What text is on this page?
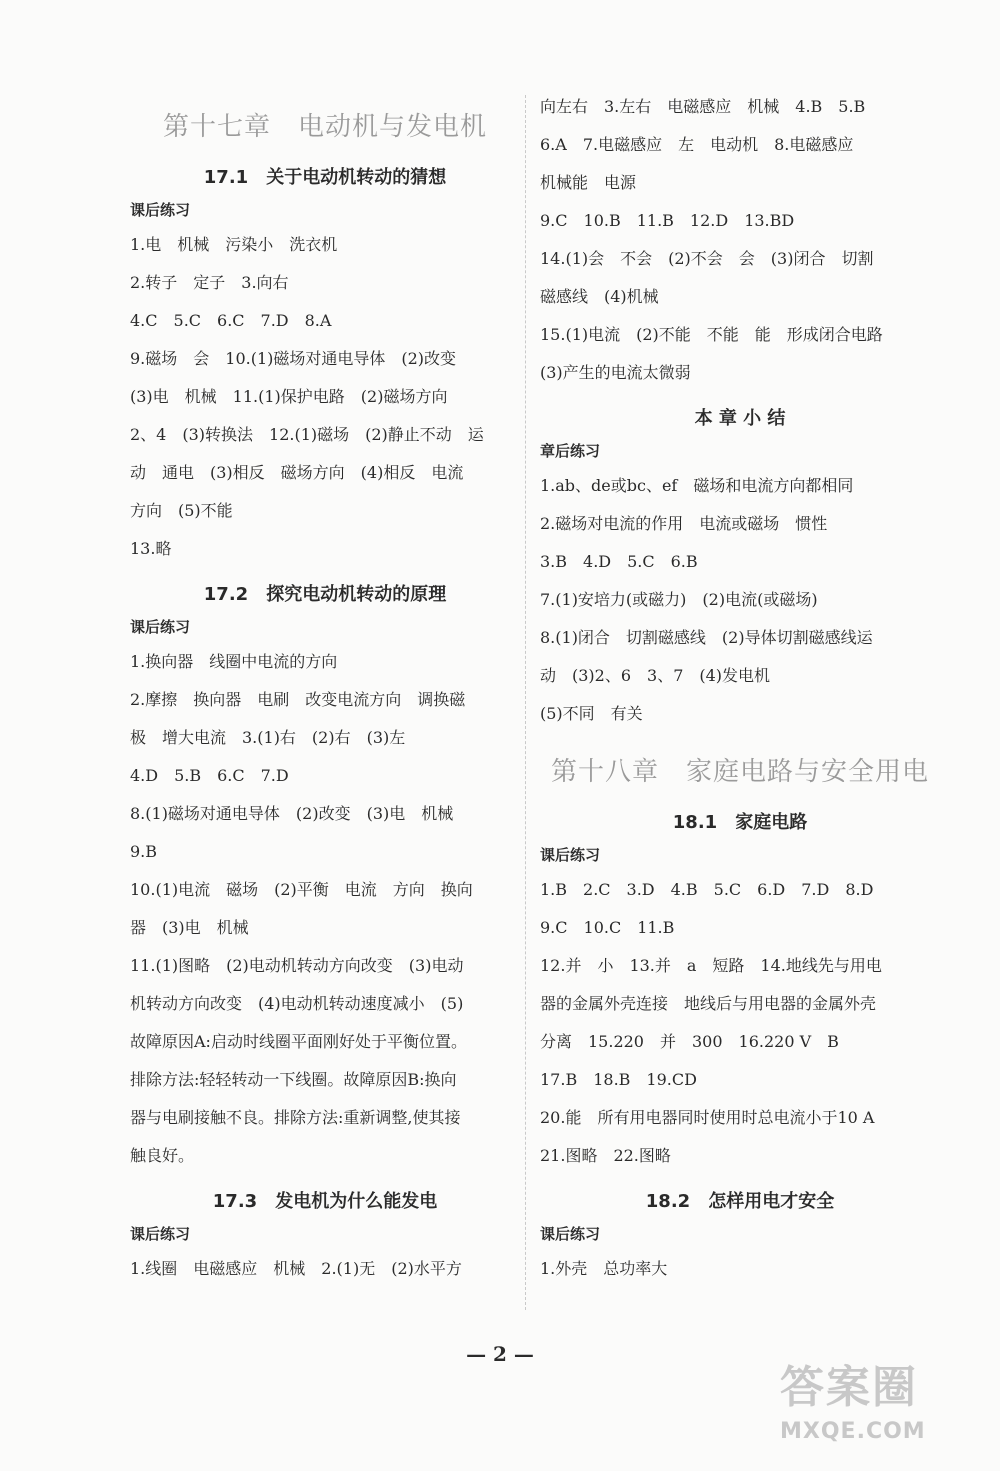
第十七章　电动机与发电机
17.1　关于电动机转动的猜想
课后练习
1.电　机械　污染小　洗衣机
2.转子　定子　3.向右
4.C　5.C　6.C　7.D　8.A
9.磁场　会　10.(1)磁场对通电导体　(2)改变
(3)电　机械　11.(1)保护电路　(2)磁场方向
2、4　(3)转换法　12.(1)磁场　(2)静止不动　运
动　通电　(3)相反　磁场方向　(4)相反　电流
方向　(5)不能
13.略
17.2　探究电动机转动的原理
课后练习
1.换向器　线圈中电流的方向
2.摩擦　换向器　电刷　改变电流方向　调换磁
极　增大电流　3.(1)右　(2)右　(3)左
4.D　5.B　6.C　7.D
8.(1)磁场对通电导体　(2)改变　(3)电　机械
9.B
10.(1)电流　磁场　(2)平衡　电流　方向　换向
器　(3)电　机械
11.(1)图略　(2)电动机转动方向改变　(3)电动
机转动方向改变　(4)电动机转动速度减小　(5)
故障原因A:启动时线圈平面刚好处于平衡位置。
排除方法:轻轻转动一下线圈。故障原因B:换向
器与电刷接触不良。排除方法:重新调整,使其接
触良好。
17.3　发电机为什么能发电
课后练习
1.线圈　电磁感应　机械　2.(1)无　(2)水平方
向左右　3.左右　电磁感应　机械　4.B　5.B
6.A　7.电磁感应　左　电动机　8.电磁感应
机械能　电源
9.C　10.B　11.B　12.D　13.BD
14.(1)会　不会　(2)不会　会　(3)闭合　切割
磁感线　(4)机械
15.(1)电流　(2)不能　不能　能　形成闭合电路
(3)产生的电流太微弱
本 章 小 结
章后练习
1.ab、de或bc、ef　磁场和电流方向都相同
2.磁场对电流的作用　电流或磁场　惯性
3.B　4.D　5.C　6.B
7.(1)安培力(或磁力)　(2)电流(或磁场)
8.(1)闭合　切割磁感线　(2)导体切割磁感线运
动　(3)2、6　3、7　(4)发电机
(5)不同　有关
第十八章　家庭电路与安全用电
18.1　家庭电路
课后练习
1.B　2.C　3.D　4.B　5.C　6.D　7.D　8.D
9.C　10.C　11.B
12.并　小　13.并　a　短路　14.地线先与用电
器的金属外壳连接　地线后与用电器的金属外壳
分离　15.220　并　300　16.220 V　B
17.B　18.B　19.CD
20.能　所有用电器同时使用时总电流小于10 A
21.图略　22.图略
18.2　怎样用电才安全
课后练习
1.外壳　总功率大
— 2 —
答案圈
MXQE.COM
